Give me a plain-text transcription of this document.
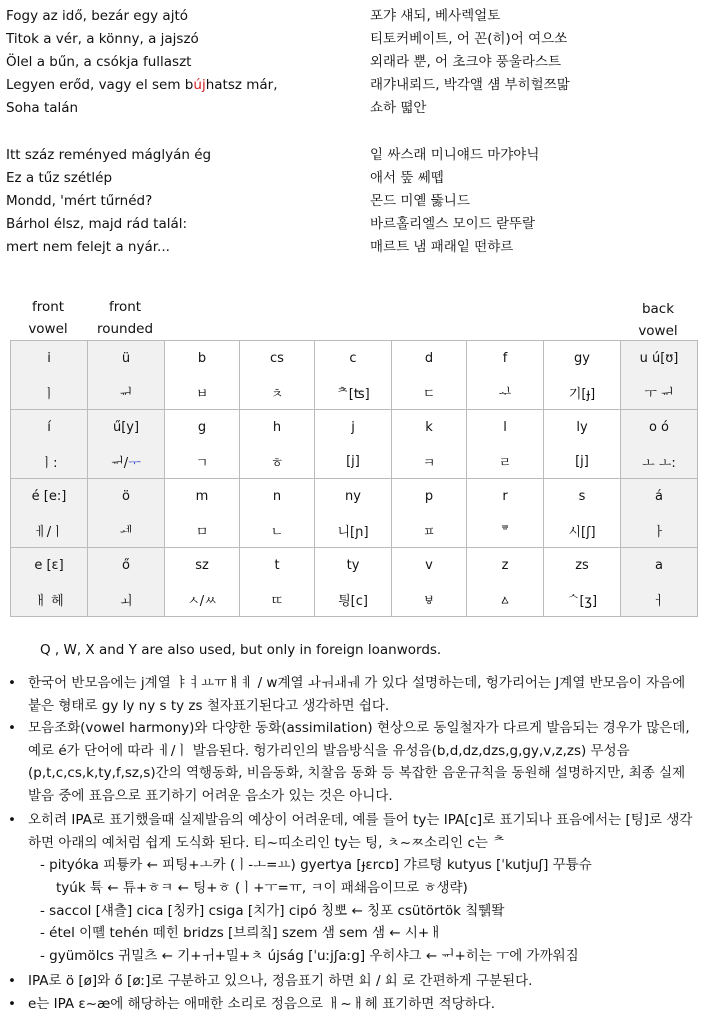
Fogy az idő, bezár egy ajtó
Titok a vér, a könny, a jajszó
Ölel a bűn, a csókja fullaszt
Legyen erőd, vagy el sem bújhatsz már,
Soha talán
포갸 섀되, 베사렉얼토
티토커베이트, 어 꼰(히)어 여으쏘
외래라 뿐, 어 초크야 풍울라스트
래갸내뢰드, 박각앨 섐 부히헐쯔맒
쇼하 뗣안
Itt száz reményed máglyán ég
Ez a tűz szétlép
Mondd, 'mért tűrnéd?
Bárhol élsz, majd rád talál:
mert nem felejt a nyár...
잍 싸스래 미니얘드 마갸야닉
애서 뚶 쎄뗍
몬드 미옡 뚫니드
바르홀리엘스 모이드 랃뚜랄
매르트 냄 패래잍 떤햐르
front
vowel
front
rounded
back
vowel
i	ü	b	cs	c	d	f	gy	u ú[ʊ]
ㅣ	ᆔ	ㅂ	ㅊ	ᄎ[ʦ]	ㄷ	ퟁ	기[ɟ]	ㅜ ᆔ
í	ű[y]	g	h	j	k	l	ly	o ó
ㅣ:	ᆔ/ᅮ	ㄱ	ㅎ	[j]	ㅋ	ㄹ	[j]	ㅗ ㅗ:
é [e:]	ö	m	n	ny	p	r	s	á
ㅔ/ㅣ	ᆀ	ㅁ	ㄴ	니[ɲ]	ㅍ	ᄛ	시[ʃ]	ㅏ
e [ɛ]	ő	sz	t	ty	v	z	zs	a
ㅐ 헤	ㅚ	ㅅ/ㅆ	ㄸ	틩[c]	ㅸ	ㅿ	ᄾ[ʒ]	ㅓ
Q , W, X and Y are also used, but only in foreign loanwords.
• 한국어 반모음에는 j계열 ㅑㅕㅛㅠㅒㅖ / w계열 ㅘㅝㅙㅞ 가 있다 설명하는데, 헝가리어는 J계열 반모음이 자음에 붙은 형태로 gy ly ny s ty zs 철자표기된다고 생각하면 쉽다.
• 모음조화(vowel harmony)와 다양한 동화(assimilation) 현상으로 동일철자가 다르게 발음되는 경우가 많은데, 예로 é가 단어에 따라 ㅔ/ㅣ 발음된다. 헝가리인의 발음방식을 유성음(b,d,dz,dzs,g,gy,v,z,zs) 무성음(p,t,c,cs,k,ty,f,sz,s)간의 역행동화, 비음동화, 치찰음 동화 등 복잡한 음운규칙을 동원해 설명하지만, 최종 실제발음 중에 표음으로 표기하기 어려운 음소가 있는 것은 아니다.
• 오히려 IPA로 표기했을때 실제발음의 예상이 어려운데, 예를 들어 ty는 IPA[c]로 표기되나 표음에서는 [팅]로 생각하면 아래의 예처럼 쉽게 도식화 된다. 티~띠소리인 ty는 팅, ㅊ~ㅉ소리인 c는 ᄎ
- pityóka 피튷카 ← 피팅+ㅗ카 (ㅣ-ㅗ=ㅛ) gyertya [ɟɛrcɒ] 갸르텽 kutyus [ˈkutjuʃ] 꾸튱슈
tyúk 튝 ← 튜+ㅎㅋ ← 팅+ㅎ (ㅣ+ㅜ=ㅠ, ㅋ이 패쇄음이므로 ㅎ생략)
- saccol [섀츨] cica [칭카] csiga [치가] cipó 칭뽀 ← 칭포 csütörtök 칰뛝뙄
- étel 이뗼 tehén 떼힌 bridzs [브릐칰] szem 샘 sem 샘 ← 시+ㅐ
- gyümölcs 귀밀츠 ← 기+ㅟ+밀+ㅊ újság [ˈuːjʃaːg] 우히샤그 ← ᆔ+히는 ㅜ에 가까워짐
• IPA로 ö [ø]와 ő [øː]로 구분하고 있으나, 정음표기 하면 ᅌᆈ / ᅌᆈ 로 간편하게 구분된다.
• e는 IPA ɛ~æ에 해당하는 애매한 소리로 정음으로 ㅐ~ㅐ헤 표기하면 적당하다.
